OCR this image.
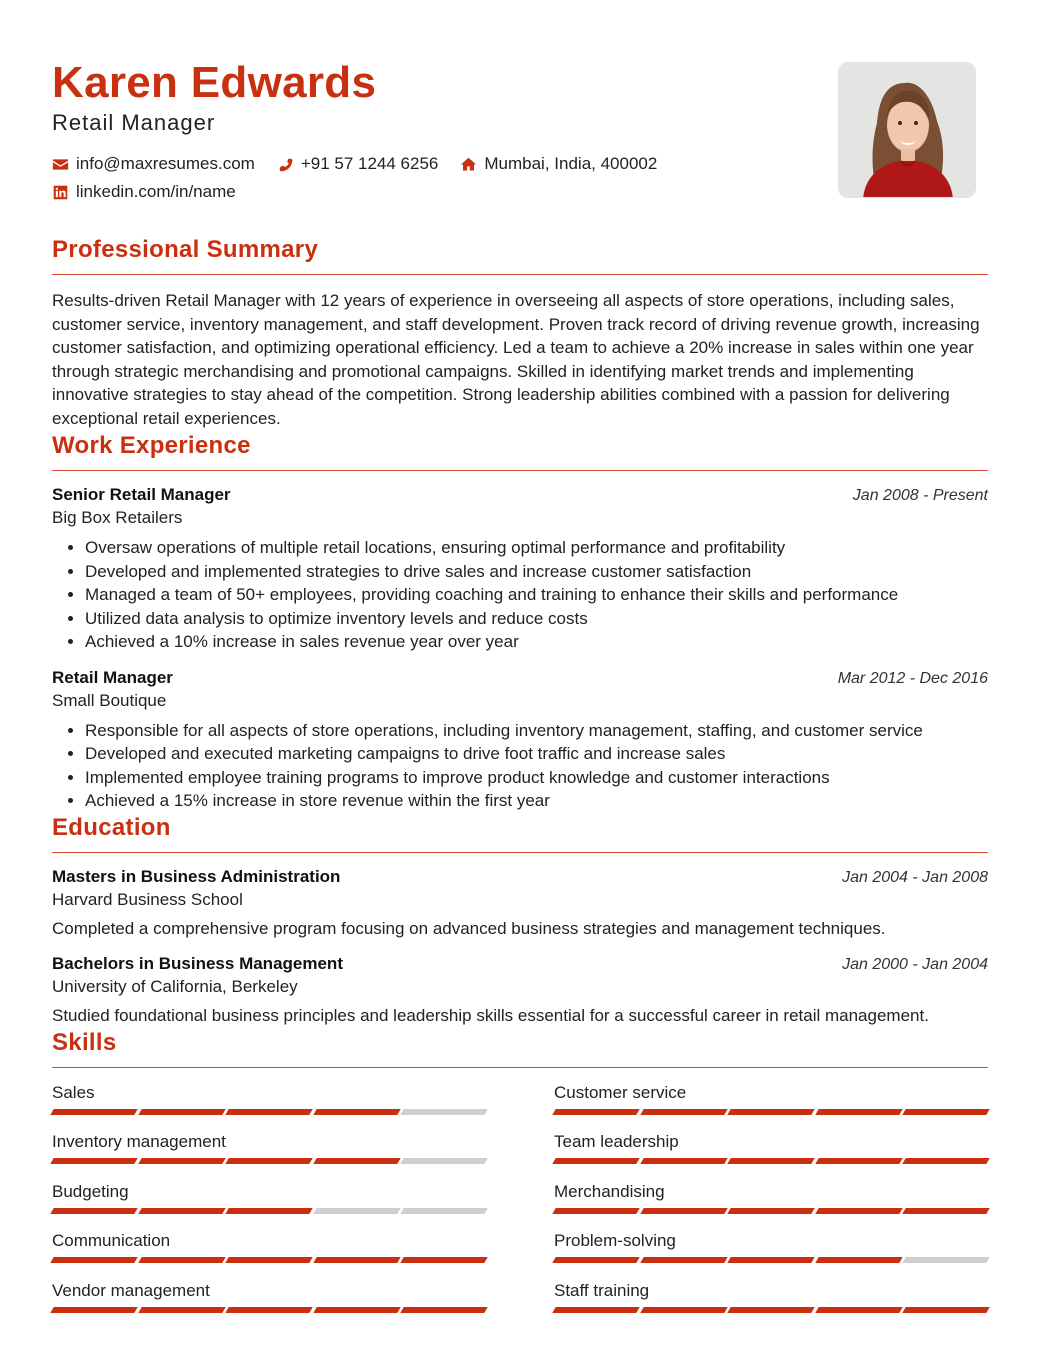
Karen Edwards
Retail Manager
info@maxresumes.com	+91 57 1244 6256	Mumbai, India, 400002
linkedin.com/in/name
Professional Summary
Results-driven Retail Manager with 12 years of experience in overseeing all aspects of store operations, including sales, customer service, inventory management, and staff development. Proven track record of driving revenue growth, increasing customer satisfaction, and optimizing operational efficiency. Led a team to achieve a 20% increase in sales within one year through strategic merchandising and promotional campaigns. Skilled in identifying market trends and implementing innovative strategies to stay ahead of the competition. Strong leadership abilities combined with a passion for delivering exceptional retail experiences.
Work Experience
Senior Retail Manager	Jan 2008 - Present
Big Box Retailers
• Oversaw operations of multiple retail locations, ensuring optimal performance and profitability
• Developed and implemented strategies to drive sales and increase customer satisfaction
• Managed a team of 50+ employees, providing coaching and training to enhance their skills and performance
• Utilized data analysis to optimize inventory levels and reduce costs
• Achieved a 10% increase in sales revenue year over year
Retail Manager	Mar 2012 - Dec 2016
Small Boutique
• Responsible for all aspects of store operations, including inventory management, staffing, and customer service
• Developed and executed marketing campaigns to drive foot traffic and increase sales
• Implemented employee training programs to improve product knowledge and customer interactions
• Achieved a 15% increase in store revenue within the first year
Education
Masters in Business Administration	Jan 2004 - Jan 2008
Harvard Business School
Completed a comprehensive program focusing on advanced business strategies and management techniques.
Bachelors in Business Management	Jan 2000 - Jan 2004
University of California, Berkeley
Studied foundational business principles and leadership skills essential for a successful career in retail management.
Skills
Sales	Customer service
Inventory management	Team leadership
Budgeting	Merchandising
Communication	Problem-solving
Vendor management	Staff training
